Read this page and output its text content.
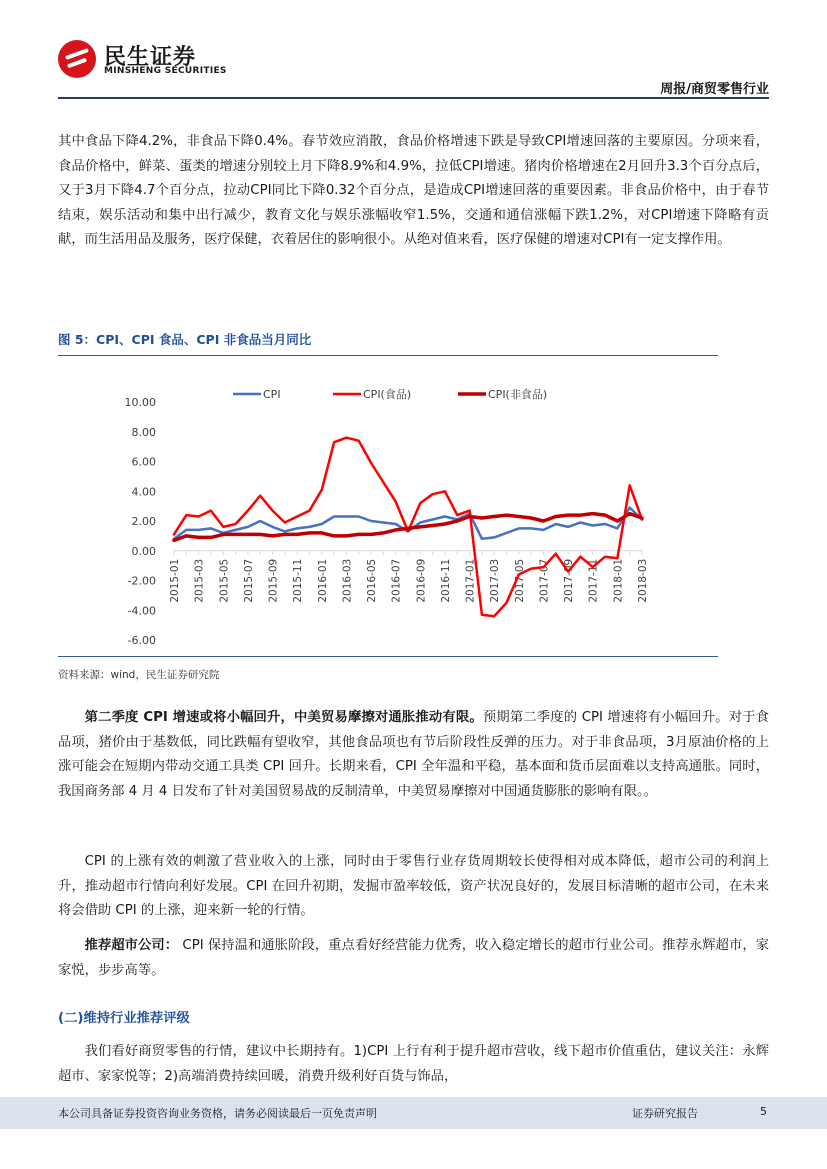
民生证券
MINSHENG SECURITIES
周报/商贸零售行业

其中食品下降4.2%，非食品下降0.4%。春节效应消散，食品价格增速下跌是导致CPI增速回落的主要原因。分项来看，食品价格中，鲜菜、蛋类的增速分别较上月下降8.9%和4.9%，拉低CPI增速。猪肉价格增速在2月回升3.3个百分点后，又于3月下降4.7个百分点，拉动CPI同比下降0.32个百分点，是造成CPI增速回落的重要因素。非食品价格中，由于春节结束，娱乐活动和集中出行减少，教育文化与娱乐涨幅收窄1.5%，交通和通信涨幅下跌1.2%，对CPI增速下降略有贡献，而生活用品及服务，医疗保健，衣着居住的影响很小。从绝对值来看，医疗保健的增速对CPI有一定支撑作用。

图 5：CPI、CPI 食品、CPI 非食品当月同比
CPI	CPI(食品)	CPI(非食品)
10.00
8.00
6.00
4.00
2.00
0.00
-2.00
-4.00
-6.00
2015-01 2015-03 2015-05 2015-07 2015-09 2015-11 2016-01 2016-03 2016-05 2016-07 2016-09 2016-11 2017-01 2017-03 2017-05 2017-07 2017-09 2017-11 2018-01 2018-03
资料来源：wind，民生证券研究院

第二季度 CPI 增速或将小幅回升，中美贸易摩擦对通胀推动有限。预期第二季度的 CPI 增速将有小幅回升。对于食品项，猪价由于基数低，同比跌幅有望收窄，其他食品项也有节后阶段性反弹的压力。对于非食品项，3月原油价格的上涨可能会在短期内带动交通工具类 CPI 回升。长期来看，CPI 全年温和平稳，基本面和货币层面难以支持高通胀。同时，我国商务部 4 月 4 日发布了针对美国贸易战的反制清单，中美贸易摩擦对中国通货膨胀的影响有限。。

CPI 的上涨有效的刺激了营业收入的上涨，同时由于零售行业存货周期较长使得相对成本降低，超市公司的利润上升，推动超市行情向利好发展。CPI 在回升初期，发掘市盈率较低，资产状况良好的，发展目标清晰的超市公司，在未来将会借助 CPI 的上涨，迎来新一轮的行情。

推荐超市公司： CPI 保持温和通胀阶段，重点看好经营能力优秀，收入稳定增长的超市行业公司。推荐永辉超市，家家悦，步步高等。

(二)维持行业推荐评级

我们看好商贸零售的行情，建议中长期持有。1)CPI 上行有利于提升超市营收，线下超市价值重估，建议关注：永辉超市、家家悦等；2)高端消费持续回暖，消费升级利好百货与饰品，

本公司具备证券投资咨询业务资格，请务必阅读最后一页免责声明	证券研究报告	5
